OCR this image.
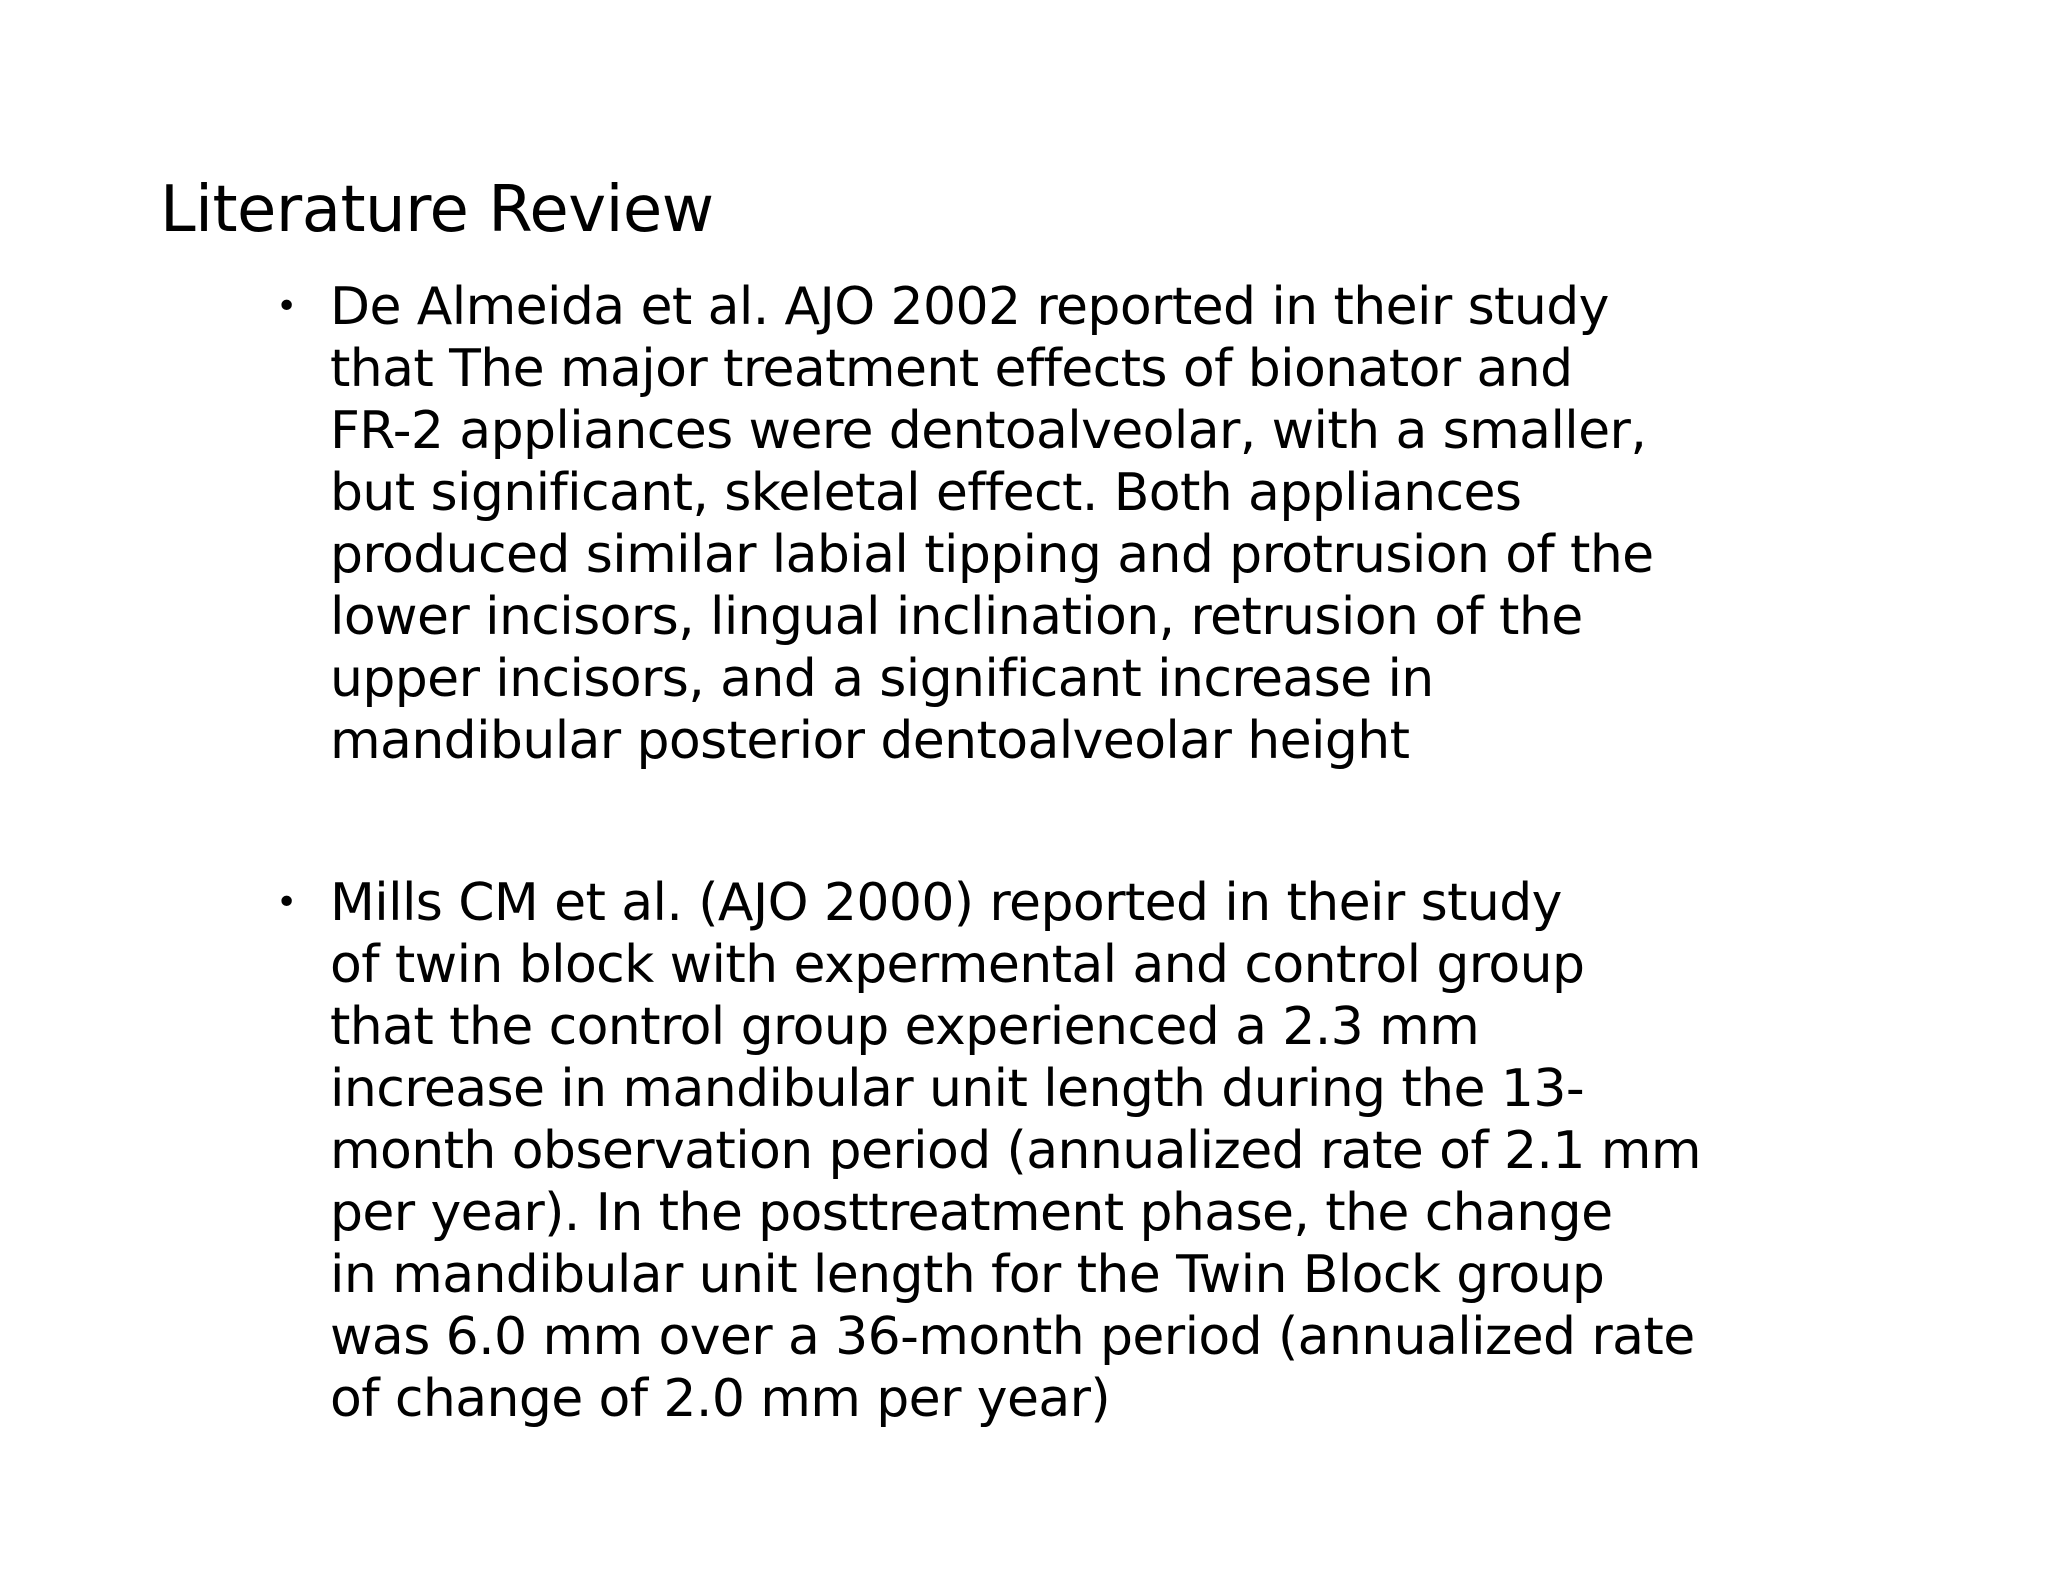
Literature Review
• De Almeida et al. AJO 2002 reported in their study
that The major treatment effects of bionator and
FR-2 appliances were dentoalveolar, with a smaller,
but significant, skeletal effect. Both appliances
produced similar labial tipping and protrusion of the
lower incisors, lingual inclination, retrusion of the
upper incisors, and a significant increase in
mandibular posterior dentoalveolar height
• Mills CM et al. (AJO 2000) reported in their study
of twin block with expermental and control group
that the control group experienced a 2.3 mm
increase in mandibular unit length during the 13-
month observation period (annualized rate of 2.1 mm
per year). In the posttreatment phase, the change
in mandibular unit length for the Twin Block group
was 6.0 mm over a 36-month period (annualized rate
of change of 2.0 mm per year)
